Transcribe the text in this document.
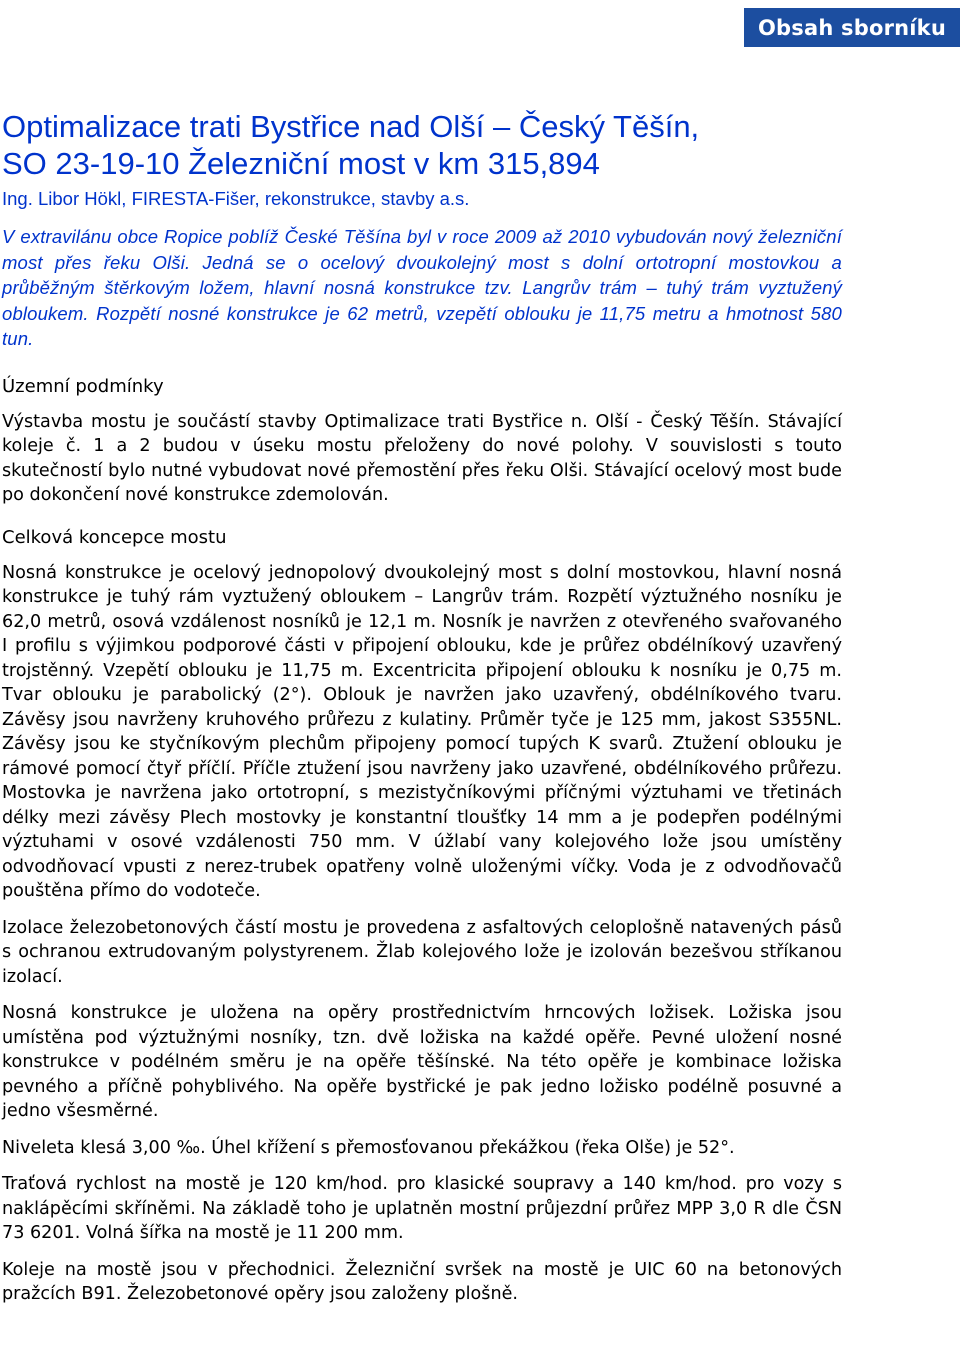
Obsah sborníku
Optimalizace trati Bystřice nad Olší – Český Těšín,
SO 23-19-10 Železniční most v km 315,894

Ing. Libor Hökl, FIRESTA-Fišer, rekonstrukce, stavby a.s.

V extravilánu obce Ropice poblíž České Těšína byl v roce 2009 až 2010 vybudován nový železniční most přes řeku Olši. Jedná se o ocelový dvoukolejný most s dolní ortotropní mostovkou a průběžným štěrkovým ložem, hlavní nosná konstrukce tzv. Langrův trám – tuhý trám vyztužený obloukem. Rozpětí nosné konstrukce je 62 metrů, vzepětí oblouku je 11,75 metru a hmotnost 580 tun.

Územní podmínky

Výstavba mostu je součástí stavby Optimalizace trati Bystřice n. Olší - Český Těšín. Stávající koleje č. 1 a 2 budou v úseku mostu přeloženy do nové polohy. V souvislosti s touto skutečností bylo nutné vybudovat nové přemostění přes řeku Olši. Stávající ocelový most bude po dokončení nové konstrukce zdemolován.

Celková koncepce mostu

Nosná konstrukce je ocelový jednopolový dvoukolejný most s dolní mostovkou, hlavní nosná konstrukce je tuhý rám vyztužený obloukem – Langrův trám. Rozpětí výztužného nosníku je 62,0 metrů, osová vzdálenost nosníků je 12,1 m. Nosník je navržen z otevřeného svařovaného I profilu s výjimkou podporové části v připojení oblouku, kde je průřez obdélníkový uzavřený trojstěnný. Vzepětí oblouku je 11,75 m. Excentricita připojení oblouku k nosníku je 0,75 m. Tvar oblouku je parabolický (2°). Oblouk je navržen jako uzavřený, obdélníkového tvaru. Závěsy jsou navrženy kruhového průřezu z kulatiny. Průměr tyče je 125 mm, jakost S355NL. Závěsy jsou ke styčníkovým plechům připojeny pomocí tupých K svarů. Ztužení oblouku je rámové pomocí čtyř příčlí. Příčle ztužení jsou navrženy jako uzavřené, obdélníkového průřezu. Mostovka je navržena jako ortotropní, s mezistyčníkovými příčnými výztuhami ve třetinách délky mezi závěsy Plech mostovky je konstantní tloušťky 14 mm a je podepřen podélnými výztuhami v osové vzdálenosti 750 mm. V úžlabí vany kolejového lože jsou umístěny odvodňovací vpusti z nerez-trubek opatřeny volně uloženými víčky. Voda je z odvodňovačů pouštěna přímo do vodoteče.

Izolace železobetonových částí mostu je provedena z asfaltových celoplošně natavených pásů s ochranou extrudovaným polystyrenem. Žlab kolejového lože je izolován bezešvou stříkanou izolací.

Nosná konstrukce je uložena na opěry prostřednictvím hrncových ložisek. Ložiska jsou umístěna pod výztužnými nosníky, tzn. dvě ložiska na každé opěře. Pevné uložení nosné konstrukce v podélném směru je na opěře těšínské. Na této opěře je kombinace ložiska pevného a příčně pohyblivého. Na opěře bystřické je pak jedno ložisko podélně posuvné a jedno všesměrné.

Niveleta klesá 3,00 ‰. Úhel křížení s přemosťovanou překážkou (řeka Olše) je 52°.

Traťová rychlost na mostě je 120 km/hod. pro klasické soupravy a 140 km/hod. pro vozy s naklápěcími skříněmi. Na základě toho je uplatněn mostní průjezdní průřez MPP 3,0 R dle ČSN 73 6201. Volná šířka na mostě je 11 200 mm.

Koleje na mostě jsou v přechodnici. Železniční svršek na mostě je UIC 60 na betonových pražcích B91. Železobetonové opěry jsou založeny plošně.
